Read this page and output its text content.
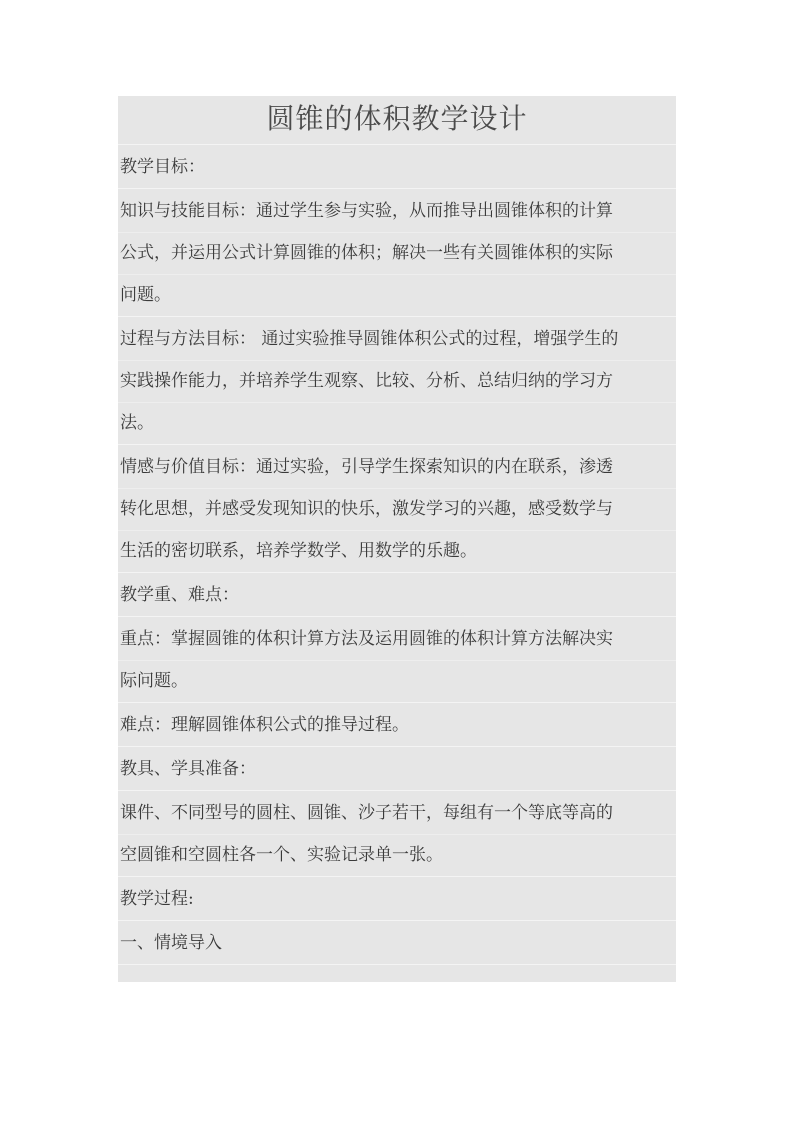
圆锥的体积教学设计
教学目标：
知识与技能目标：通过学生参与实验，从而推导出圆锥体积的计算
公式，并运用公式计算圆锥的体积；解决一些有关圆锥体积的实际
问题。
过程与方法目标： 通过实验推导圆锥体积公式的过程，增强学生的
实践操作能力，并培养学生观察、比较、分析、总结归纳的学习方
法。
情感与价值目标：通过实验，引导学生探索知识的内在联系，渗透
转化思想，并感受发现知识的快乐，激发学习的兴趣，感受数学与
生活的密切联系，培养学数学、用数学的乐趣。
教学重、难点：
重点：掌握圆锥的体积计算方法及运用圆锥的体积计算方法解决实
际问题。
难点：理解圆锥体积公式的推导过程。
教具、学具准备：
课件、不同型号的圆柱、圆锥、沙子若干，每组有一个等底等高的
空圆锥和空圆柱各一个、实验记录单一张。
教学过程:
一、情境导入
